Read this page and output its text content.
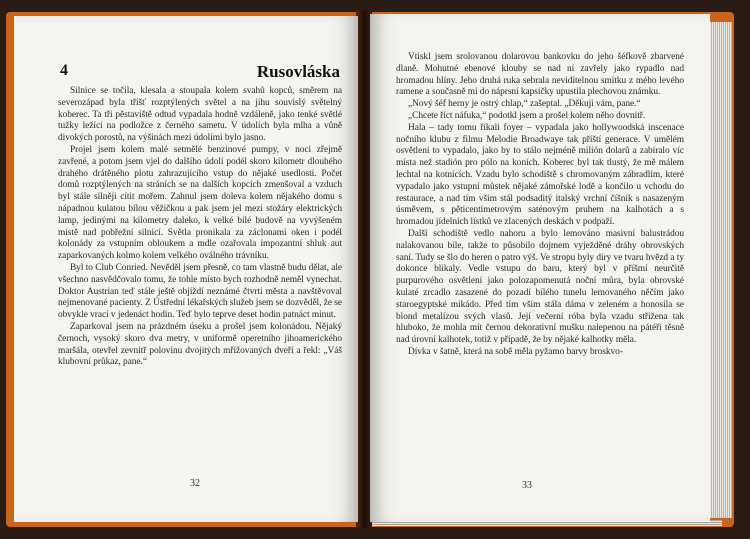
4	Rusovláska

Silnice se točila, klesala a stoupala kolem svahů kopců, směrem na severozápad byla tříšť rozptýlených světel a na jihu souvislý světelný koberec. Ta tři pěstaviště odtud vypadala hodně vzdáleně, jako tenké světlé tužky ležící na podložce z černého sametu. V údolích byla mlha a vůně divokých porostů, na výšinách mezi údolími bylo jasno.

Projel jsem kolem malé setmělé benzinové pumpy, v noci zřejmě zavřené, a potom jsem vjel do dalšího údolí podél skoro kilometr dlouhého drahého drátěného plotu zahrazujícího vstup do nějaké usedlosti. Počet domů rozptýlených na stráních se na dalších kopcích zmenšoval a vzduch byl stále silněji cítit mořem. Zahnul jsem doleva kolem nějakého domu s nápadnou kulatou bílou věžičkou a pak jsem jel mezi stožáry elektrických lamp, jedinými na kilometry daleko, k velké bílé budově na vyvýšeném místě nad pobřežní silnicí. Světla pronikala za záclonami oken i podél kolonády za vstupním obloukem a mdle ozařovala impozantní shluk aut zaparkovaných kolmo kolem velkého oválného trávníku.

Byl to Club Conried. Nevěděl jsem přesně, co tam vlastně budu dělat, ale všechno nasvědčovalo tomu, že tohle místo bych rozhodně neměl vynechat. Doktor Austrian teď stále ještě objíždí neznámé čtvrti města a navštěvoval nejmenované pacienty. Z Ústřední lékařských služeb jsem se dozvěděl, že se obvykle vrací v jedenáct hodin. Teď bylo teprve deset hodin patnáct minut.

Zaparkoval jsem na prázdném úseku a prošel jsem kolonádou. Nějaký černoch, vysoký skoro dva metry, v uniformě operetního jihoamerického maršála, otevřel zevnitř polovinu dvojitých mřížovaných dveří a řekl: „Váš klubovní průkaz, pane.“

32

Vtiskl jsem srolovanou dolarovou bankovku do jeho šéfkově zbarvené dlaně. Mohutné ebenové klouby se nad ní zavřely jako rypadlo nad hromadou hlíny. Jeho druhá ruka sebrala neviditelnou smítku z mého levého ramene a současně mi do náprsní kapsičky upustila plechovou známku.

„Nový šéf herny je ostrý chlap,“ zašeptal. „Děkuji vám, pane.“

„Chcete říct náfuka,“ podotkl jsem a prošel kolem něho dovnitř.

Hala – tady tomu říkali foyer – vypadala jako hollywoodská inscenace nočního klubu z filmu Melodie Broadwaye tak příští generace. V umělém osvětlení to vypadalo, jako by to stálo nejméně milión dolarů a zabíralo víc místa než stadión pro pólo na koních. Koberec byl tak tlustý, že mě málem lechtal na kotnících. Vzadu bylo schodiště s chromovaným zábradlím, které vypadalo jako vstupní můstek nějaké zámořské lodě a končilo u vchodu do restaurace, a nad tím vším stál podsaditý italský vrchní číšník s nasazeným úsměvem, s pěticentimetrovým saténovým pruhem na kalhotách a s hromadou jídelních lístků ve zlacených deskách v podpaží.

Další schodiště vedlo nahoru a bylo lemováno masivní balustrádou nalakovanou bíle, takže to působilo dojmem vyježděné dráhy obrovských saní. Tudy se šlo do heren o patro výš. Ve stropu byly díry ve tvaru hvězd a ty dokonce blikaly. Vedle vstupu do baru, který byl v příšmí neurčitě purpurového osvětlení jako polozapomenutá noční můra, byla obrovské kulaté zrcadlo zasazené do pozadí bílého tunelu lemovaného něčím jako staroegyptské mikádo. Před tím vším stála dáma v zeleném a honosila se blond metalízou svých vlasů. Její večerní róba byla vzadu střižena tak hluboko, že mohla mít černou dekorativní mušku nalepenou na pátéři těsně nad úrovní kalhotek, totiž v případě, že by nějaké kalhotky měla.

Dívka v šatně, která na sobě měla pyžamo barvy broskvo-

33
